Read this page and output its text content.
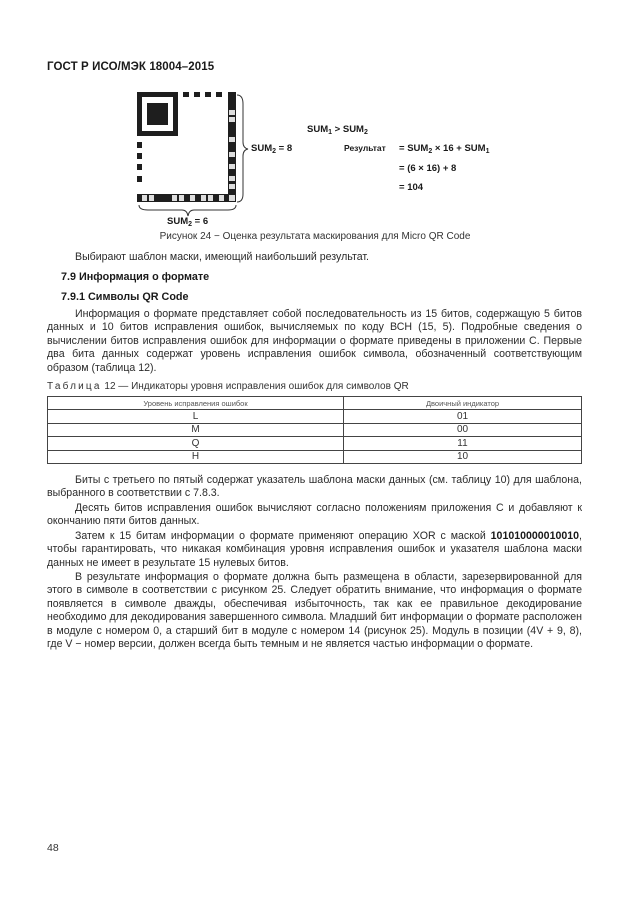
ГОСТ Р ИСО/МЭК 18004–2015
$SUM_2 = 8$
$SUM_2 = 6$
$SUM_1 > SUM_2$
Результат = $SUM_2 \times 16 + SUM_1$
= (6 × 16) + 8
= 104
Рисунок 24 − Оценка результата маскирования для Micro QR Code
Выбирают шаблон маски, имеющий наибольший результат.
7.9 Информация о формате
7.9.1 Символы QR Code
Информация о формате представляет собой последовательность из 15 битов, содержащую 5 битов данных и 10 битов исправления ошибок, вычисляемых по коду ВСН (15, 5). Подробные сведения о вычислении битов исправления ошибок для информации о формате приведены в приложении С. Первые два бита данных содержат уровень исправления ошибок символа, обозначенный соответствующим образом (таблица 12).
Таблица 12 — Индикаторы уровня исправления ошибок для символов QR
Уровень исправления ошибок	Двоичный индикатор
L	01
M	00
Q	11
H	10
Биты с третьего по пятый содержат указатель шаблона маски данных (см. таблицу 10) для шаблона, выбранного в соответствии с 7.8.3.
Десять битов исправления ошибок вычисляют согласно положениям приложения С и добавляют к окончанию пяти битов данных.
Затем к 15 битам информации о формате применяют операцию XOR с маской 101010000010010, чтобы гарантировать, что никакая комбинация уровня исправления ошибок и указателя шаблона маски данных не имеет в результате 15 нулевых битов.
В результате информация о формате должна быть размещена в области, зарезервированной для этого в символе в соответствии с рисунком 25. Следует обратить внимание, что информация о формате появляется в символе дважды, обеспечивая избыточность, так как ее правильное декодирование необходимо для декодирования завершенного символа. Младший бит информации о формате расположен в модуле с номером 0, а старший бит в модуле с номером 14 (рисунок 25). Модуль в позиции (4V + 9, 8), где V − номер версии, должен всегда быть темным и не является частью информации о формате.
48
